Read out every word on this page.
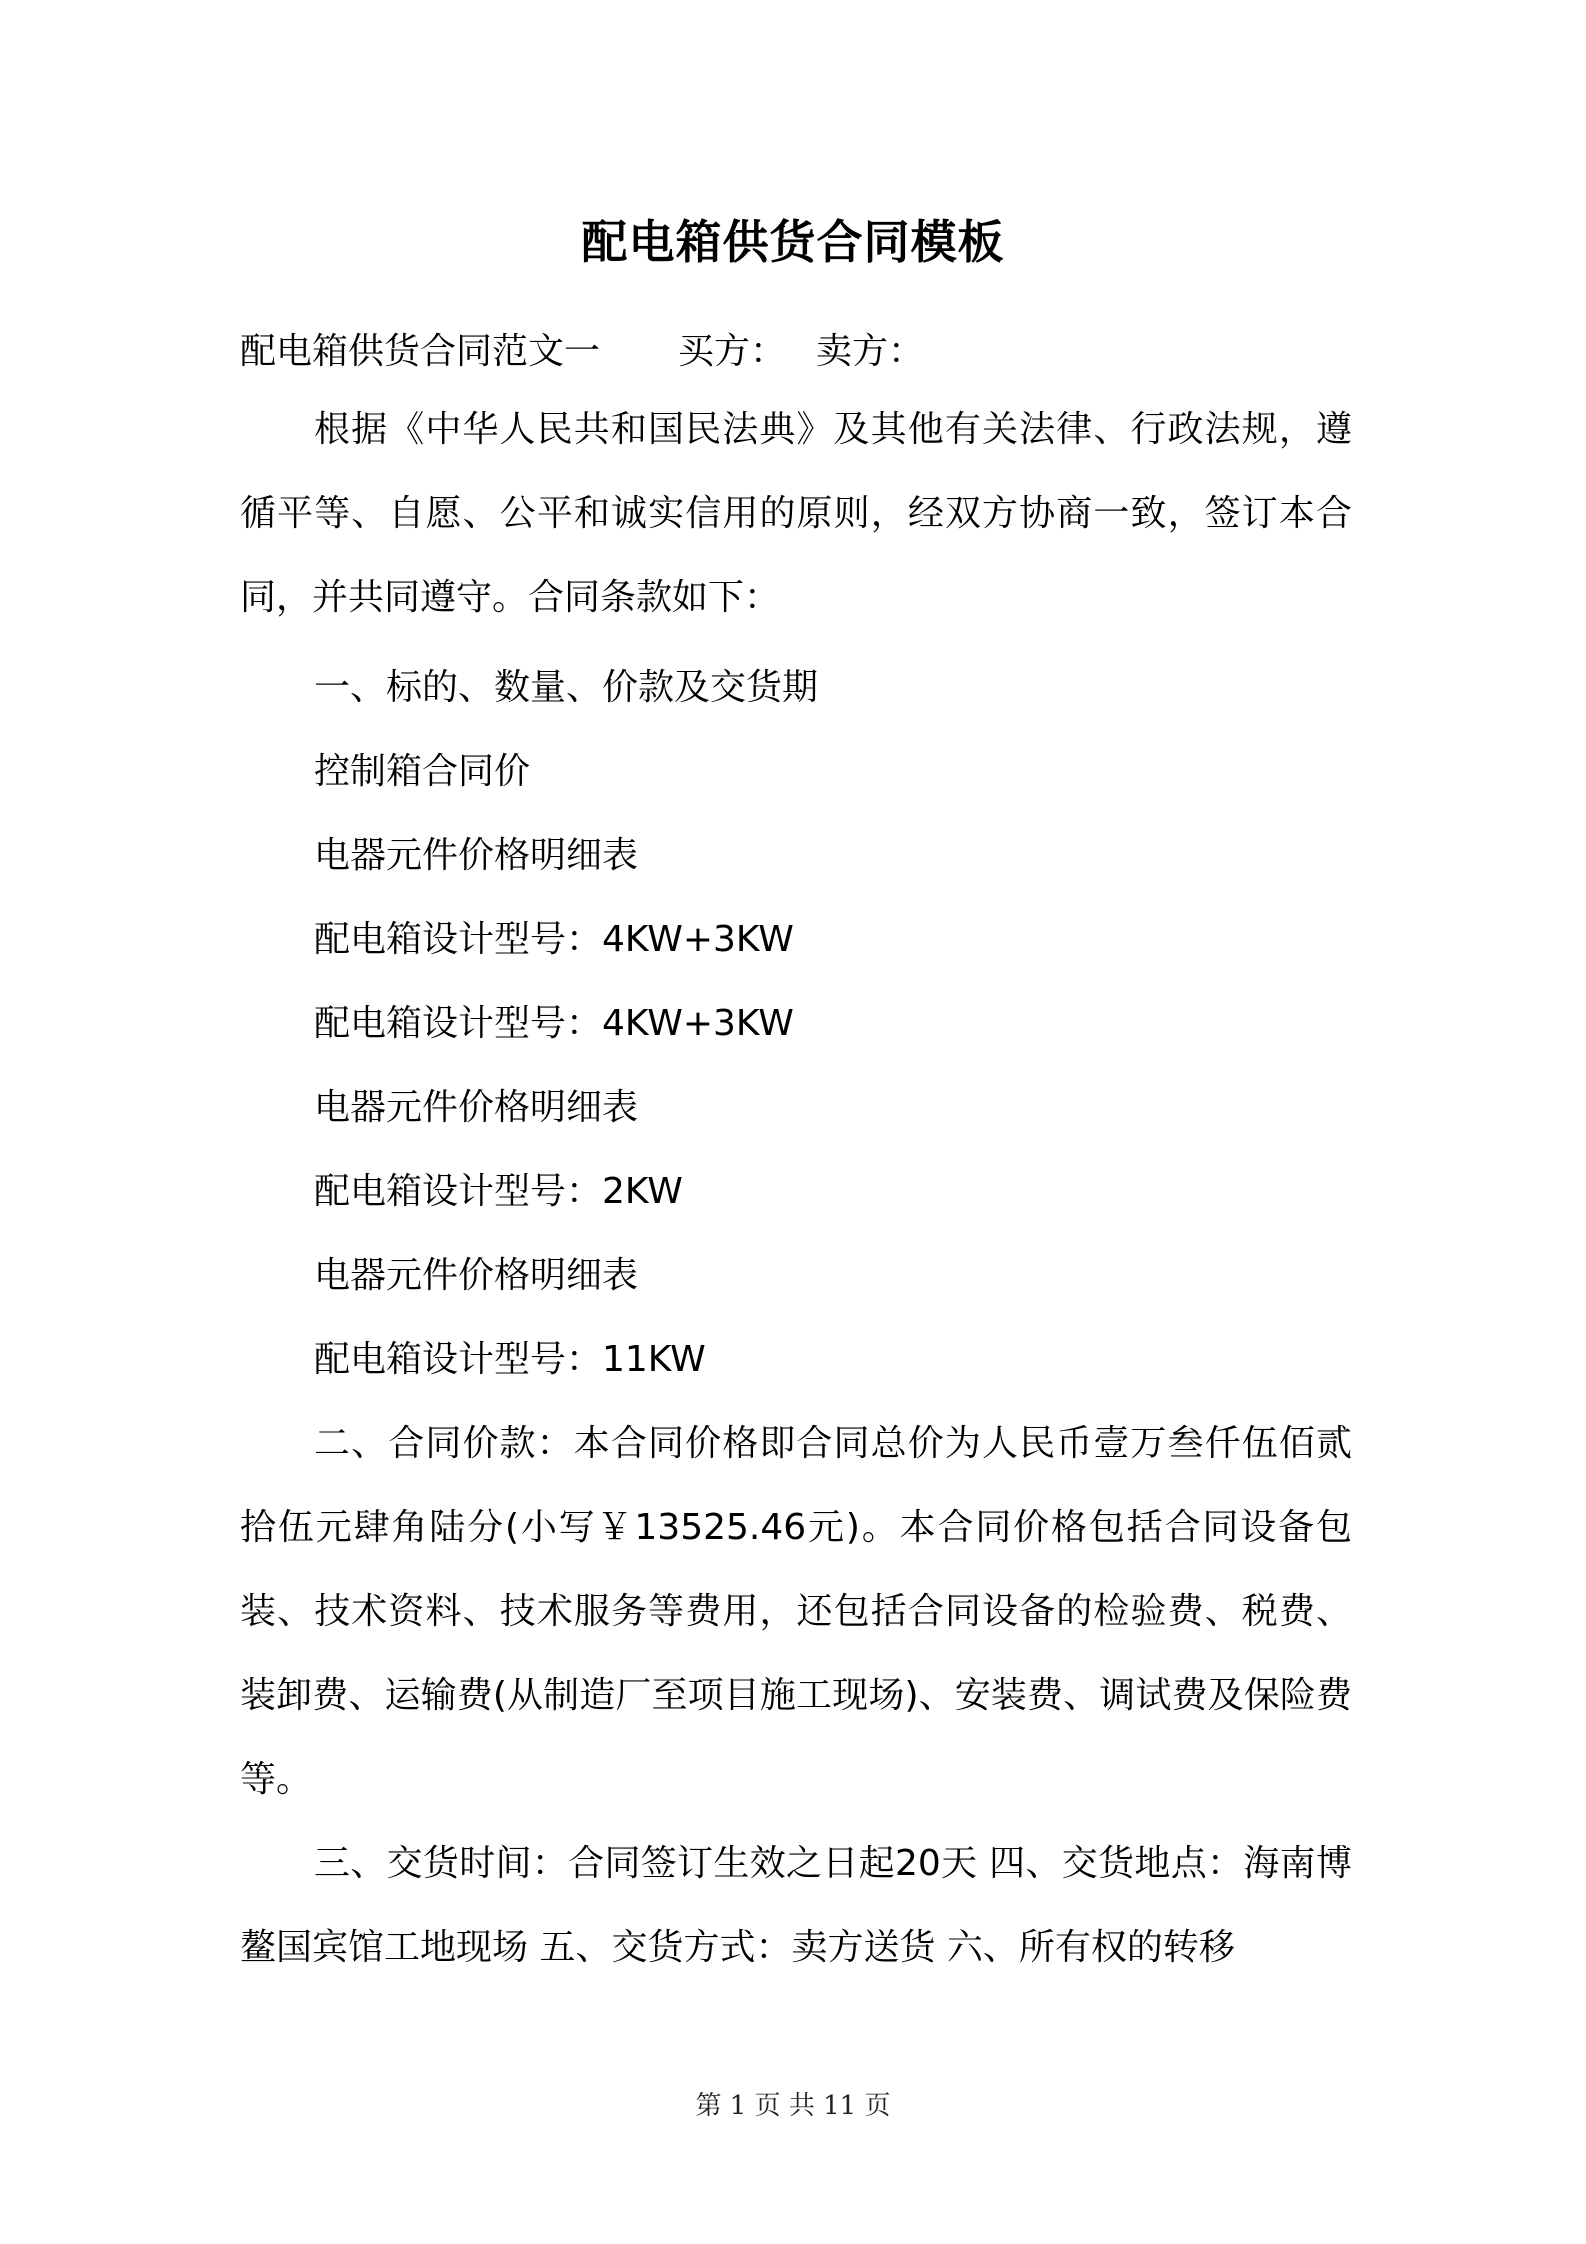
配电箱供货合同模板
配电箱供货合同范文一 买方： 卖方：
根据《中华人民共和国民法典》及其他有关法律、行政法规，遵循平等、自愿、公平和诚实信用的原则，经双方协商一致，签订本合同，并共同遵守。合同条款如下：
一、标的、数量、价款及交货期
控制箱合同价
电器元件价格明细表
配电箱设计型号：4KW+3KW
配电箱设计型号：4KW+3KW
电器元件价格明细表
配电箱设计型号：2KW
电器元件价格明细表
配电箱设计型号：11KW
二、合同价款：本合同价格即合同总价为人民币壹万叁仟伍佰贰拾伍元肆角陆分(小写￥13525.46元)。本合同价格包括合同设备包装、技术资料、技术服务等费用，还包括合同设备的检验费、税费、装卸费、运输费(从制造厂至项目施工现场)、安装费、调试费及保险费等。
三、交货时间：合同签订生效之日起20天 四、交货地点：海南博鳌国宾馆工地现场 五、交货方式：卖方送货 六、所有权的转移
第 1 页 共 11 页
